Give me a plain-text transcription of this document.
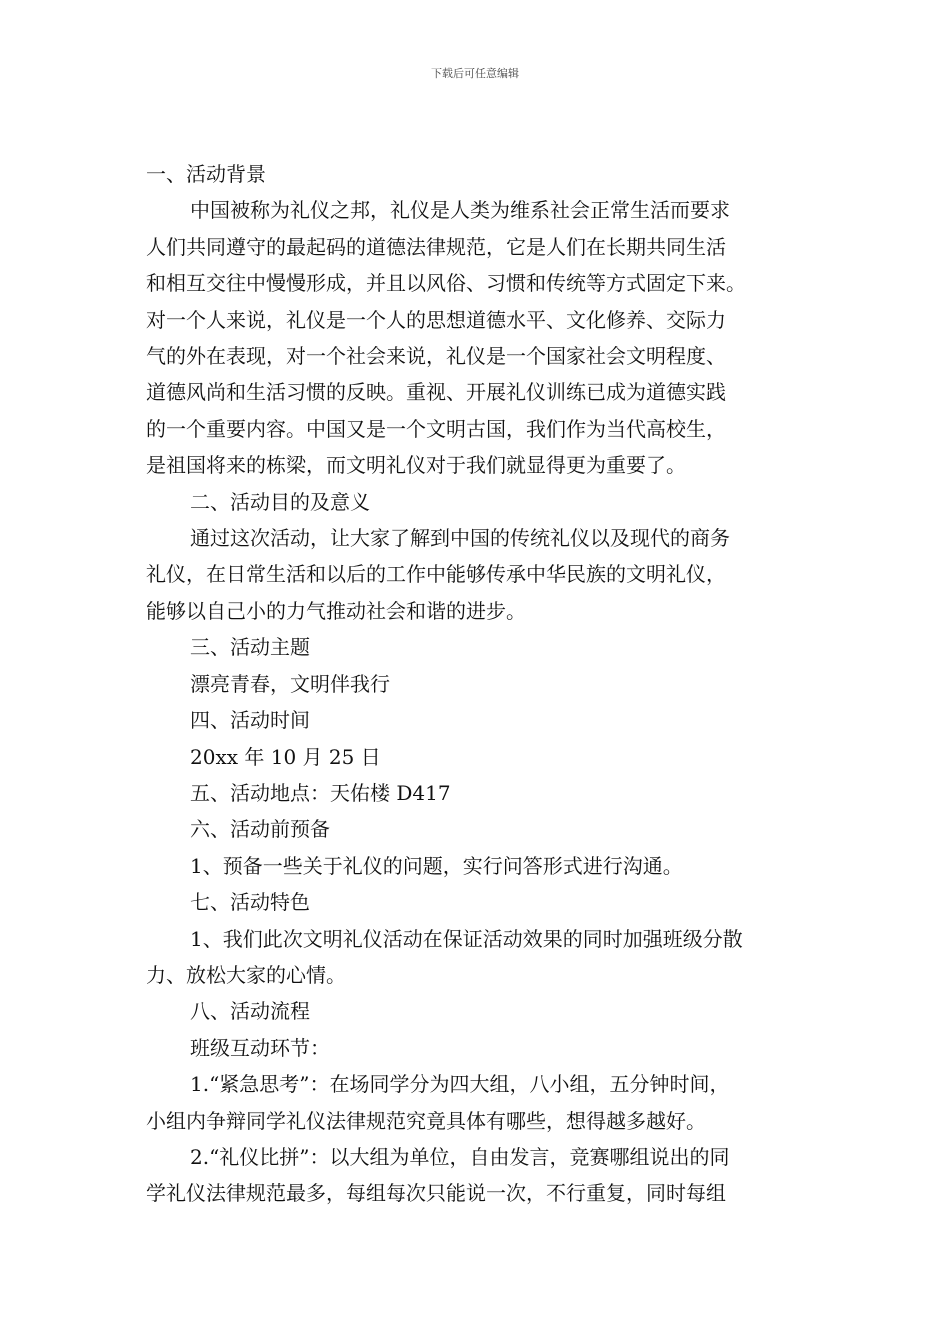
下载后可任意编辑

一、活动背景

中国被称为礼仪之邦，礼仪是人类为维系社会正常生活而要求

人们共同遵守的最起码的道德法律规范，它是人们在长期共同生活

和相互交往中慢慢形成，并且以风俗、习惯和传统等方式固定下来。

对一个人来说，礼仪是一个人的思想道德水平、文化修养、交际力

气的外在表现，对一个社会来说，礼仪是一个国家社会文明程度、

道德风尚和生活习惯的反映。重视、开展礼仪训练已成为道德实践

的一个重要内容。中国又是一个文明古国，我们作为当代高校生，

是祖国将来的栋梁，而文明礼仪对于我们就显得更为重要了。

二、活动目的及意义

通过这次活动，让大家了解到中国的传统礼仪以及现代的商务

礼仪，在日常生活和以后的工作中能够传承中华民族的文明礼仪，

能够以自己小的力气推动社会和谐的进步。

三、活动主题

漂亮青春，文明伴我行

四、活动时间

20xx 年 10 月 25 日

五、活动地点：天佑楼 D417

六、活动前预备

1、预备一些关于礼仪的问题，实行问答形式进行沟通。

七、活动特色

1、我们此次文明礼仪活动在保证活动效果的同时加强班级分散

力、放松大家的心情。

八、活动流程

班级互动环节：

1.“紧急思考”：在场同学分为四大组，八小组，五分钟时间，

小组内争辩同学礼仪法律规范究竟具体有哪些，想得越多越好。

2.“礼仪比拼”：以大组为单位，自由发言，竞赛哪组说出的同

学礼仪法律规范最多，每组每次只能说一次，不行重复，同时每组
